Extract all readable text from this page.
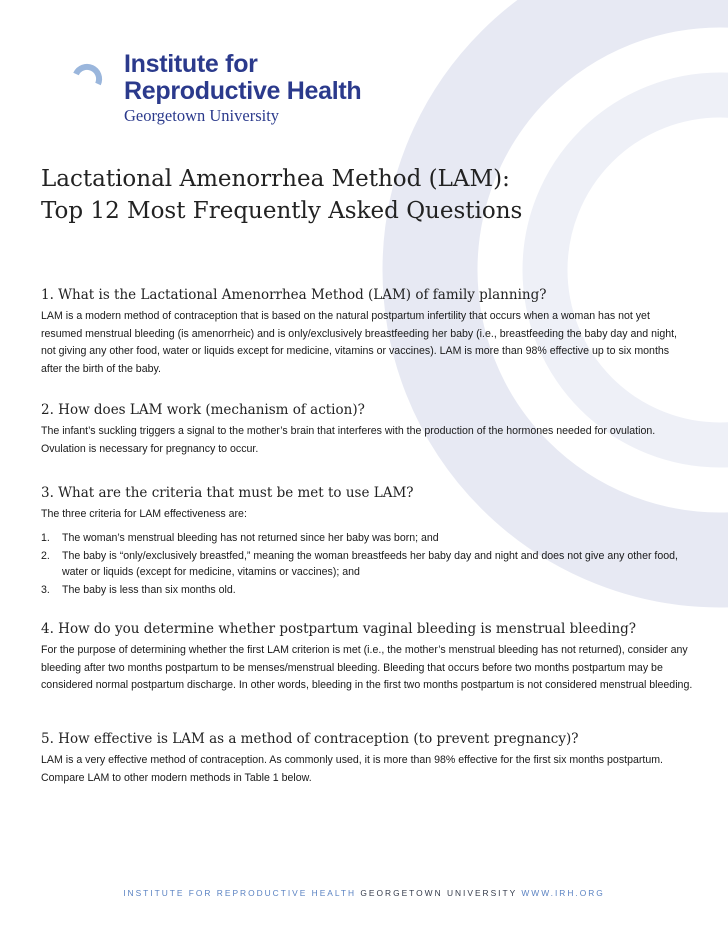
Institute for
Reproductive Health
Georgetown University
Lactational Amenorrhea Method (LAM):
Top 12 Most Frequently Asked Questions
1. What is the Lactational Amenorrhea Method (LAM) of family planning?

LAM is a modern method of contraception that is based on the natural postpartum infertility that occurs when a woman has not yet resumed menstrual bleeding (is amenorrheic) and is only/exclusively breastfeeding her baby (i.e., breastfeeding the baby day and night, not giving any other food, water or liquids except for medicine, vitamins or vaccines). LAM is more than 98% effective up to six months after the birth of the baby.

2. How does LAM work (mechanism of action)?

The infant’s suckling triggers a signal to the mother’s brain that interferes with the production of the hormones needed for ovulation. Ovulation is necessary for pregnancy to occur.

3. What are the criteria that must be met to use LAM?

The three criteria for LAM effectiveness are:

1. The woman’s menstrual bleeding has not returned since her baby was born; and
2. The baby is “only/exclusively breastfed,” meaning the woman breastfeeds her baby day and night and does not give any other food, water or liquids (except for medicine, vitamins or vaccines); and
3. The baby is less than six months old.
4. How do you determine whether postpartum vaginal bleeding is menstrual bleeding?

For the purpose of determining whether the first LAM criterion is met (i.e., the mother’s menstrual bleeding has not returned), consider any bleeding after two months postpartum to be menses/menstrual bleeding. Bleeding that occurs before two months postpartum may be considered normal postpartum discharge. In other words, bleeding in the first two months postpartum is not considered menstrual bleeding.

5. How effective is LAM as a method of contraception (to prevent pregnancy)?

LAM is a very effective method of contraception. As commonly used, it is more than 98% effective for the first six months postpartum. Compare LAM to other modern methods in Table 1 below.

INSTITUTE FOR REPRODUCTIVE HEALTH GEORGETOWN UNIVERSITY WWW.IRH.ORG
